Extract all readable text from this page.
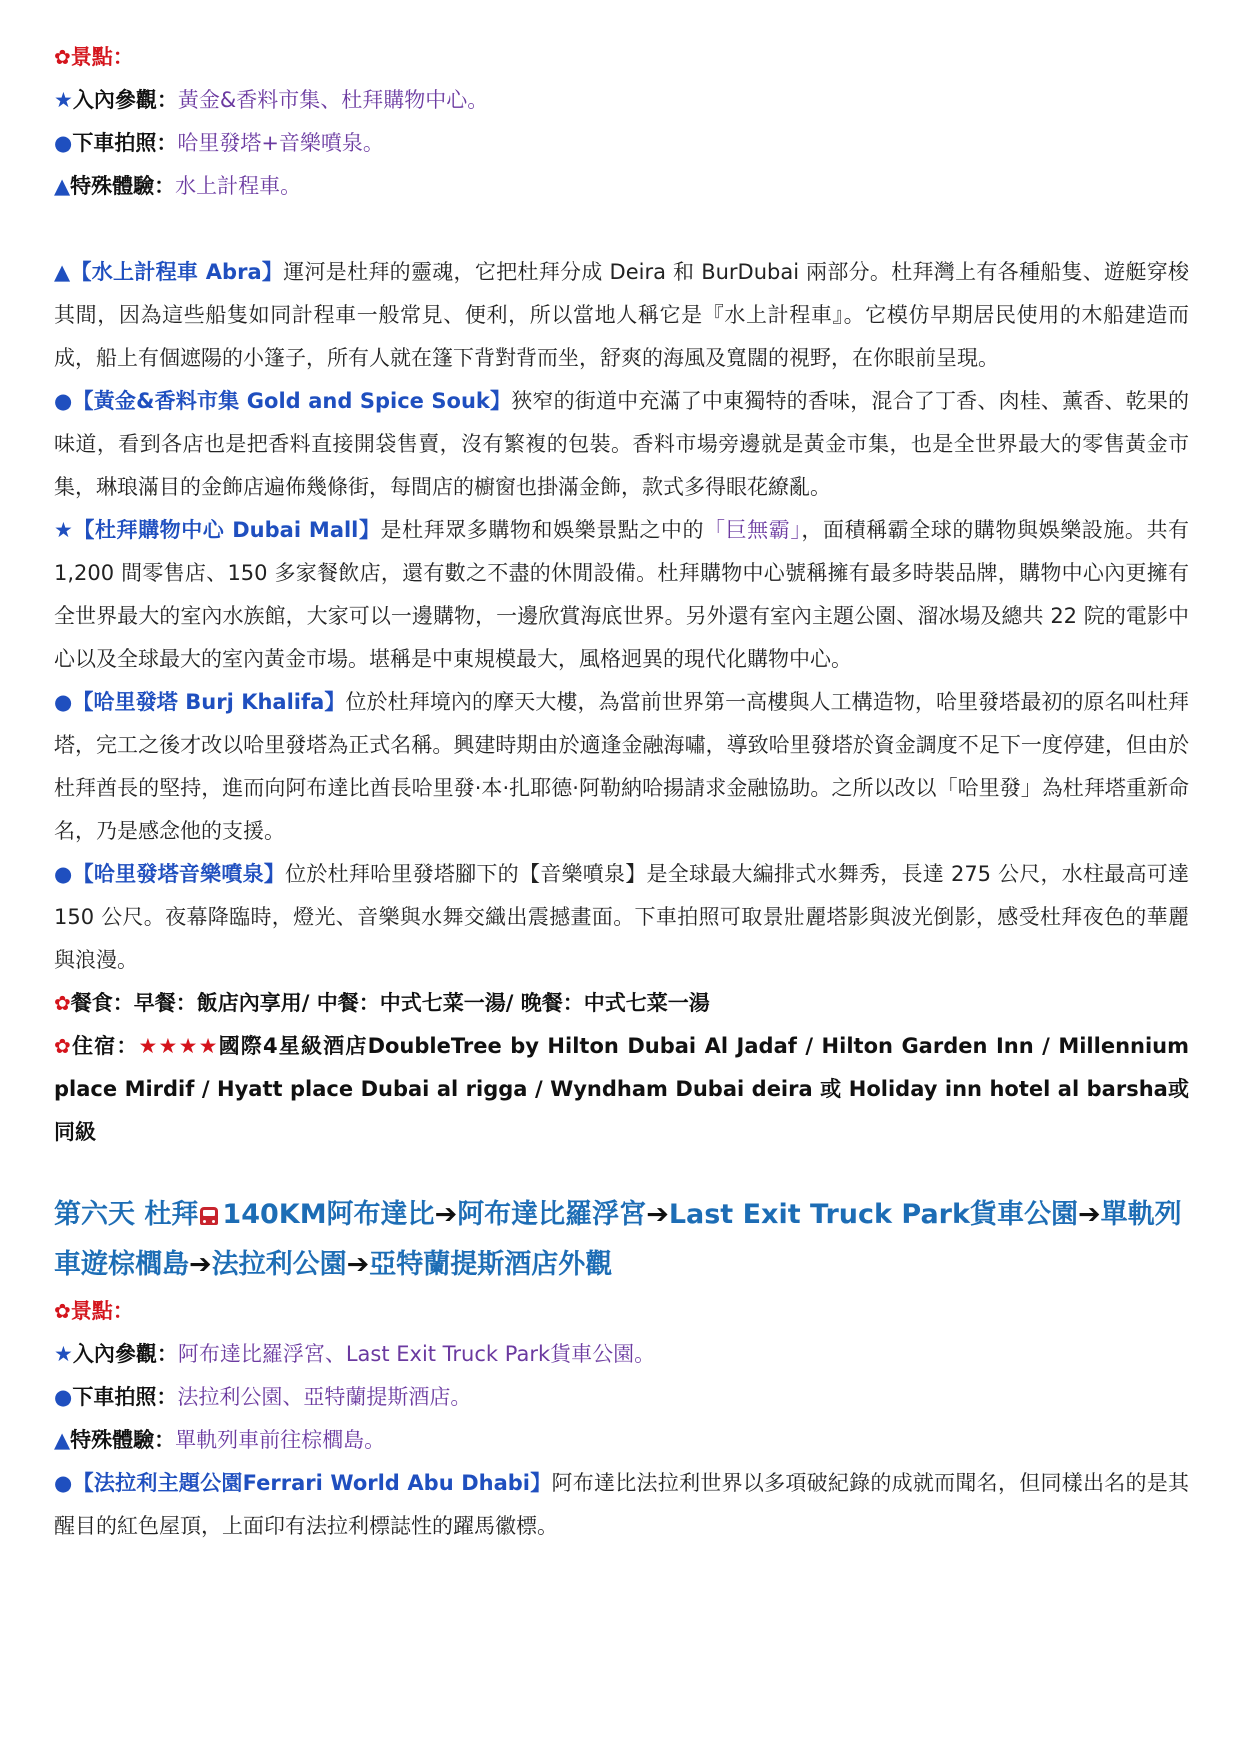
✿景點：

★入內參觀：黃金&香料市集、杜拜購物中心。

●下車拍照：哈里發塔+音樂噴泉。

▲特殊體驗：水上計程車。

▲【水上計程車 Abra】運河是杜拜的靈魂，它把杜拜分成 Deira 和 BurDubai 兩部分。杜拜灣上有各種船隻、遊艇穿梭其間，因為這些船隻如同計程車一般常見、便利，所以當地人稱它是『水上計程車』。它模仿早期居民使用的木船建造而成，船上有個遮陽的小篷子，所有人就在篷下背對背而坐，舒爽的海風及寬闊的視野，在你眼前呈現。

●【黃金&香料市集 Gold and Spice Souk】狹窄的街道中充滿了中東獨特的香味，混合了丁香、肉桂、薰香、乾果的味道，看到各店也是把香料直接開袋售賣，沒有繁複的包裝。香料市場旁邊就是黃金市集，也是全世界最大的零售黃金市集，琳琅滿目的金飾店遍佈幾條街，每間店的櫥窗也掛滿金飾，款式多得眼花繚亂。

★【杜拜購物中心 Dubai Mall】是杜拜眾多購物和娛樂景點之中的「巨無霸」，面積稱霸全球的購物與娛樂設施。共有 1,200 間零售店、150 多家餐飲店，還有數之不盡的休閒設備。杜拜購物中心號稱擁有最多時裝品牌，購物中心內更擁有全世界最大的室內水族館，大家可以一邊購物，一邊欣賞海底世界。另外還有室內主題公園、溜冰場及總共 22 院的電影中心以及全球最大的室內黃金市場。堪稱是中東規模最大，風格迥異的現代化購物中心。

●【哈里發塔 Burj Khalifa】位於杜拜境內的摩天大樓，為當前世界第一高樓與人工構造物，哈里發塔最初的原名叫杜拜塔，完工之後才改以哈里發塔為正式名稱。興建時期由於適逢金融海嘯，導致哈里發塔於資金調度不足下一度停建，但由於杜拜酋長的堅持，進而向阿布達比酋長哈里發·本·扎耶德·阿勒納哈揚請求金融協助。之所以改以「哈里發」為杜拜塔重新命名，乃是感念他的支援。

●【哈里發塔音樂噴泉】位於杜拜哈里發塔腳下的【音樂噴泉】是全球最大編排式水舞秀，長達 275 公尺，水柱最高可達 150 公尺。夜幕降臨時，燈光、音樂與水舞交織出震撼畫面。下車拍照可取景壯麗塔影與波光倒影，感受杜拜夜色的華麗與浪漫。

✿餐食：早餐：飯店內享用/ 中餐：中式七菜一湯/ 晚餐：中式七菜一湯

✿住宿：★★★★國際4星級酒店DoubleTree by Hilton Dubai Al Jadaf / Hilton Garden Inn / Millennium place Mirdif / Hyatt place Dubai al rigga / Wyndham Dubai deira 或 Holiday inn hotel al barsha或同級

第六天 杜拜 140KM阿布達比➔阿布達比羅浮宮➔Last Exit Truck Park貨車公園➔單軌列車遊棕櫚島➔法拉利公園➔亞特蘭提斯酒店外觀

✿景點：

★入內參觀：阿布達比羅浮宮、Last Exit Truck Park貨車公園。

●下車拍照：法拉利公園、亞特蘭提斯酒店。

▲特殊體驗：單軌列車前往棕櫚島。

●【法拉利主題公園Ferrari World Abu Dhabi】阿布達比法拉利世界以多項破紀錄的成就而聞名，但同樣出名的是其醒目的紅色屋頂，上面印有法拉利標誌性的躍馬徽標。
